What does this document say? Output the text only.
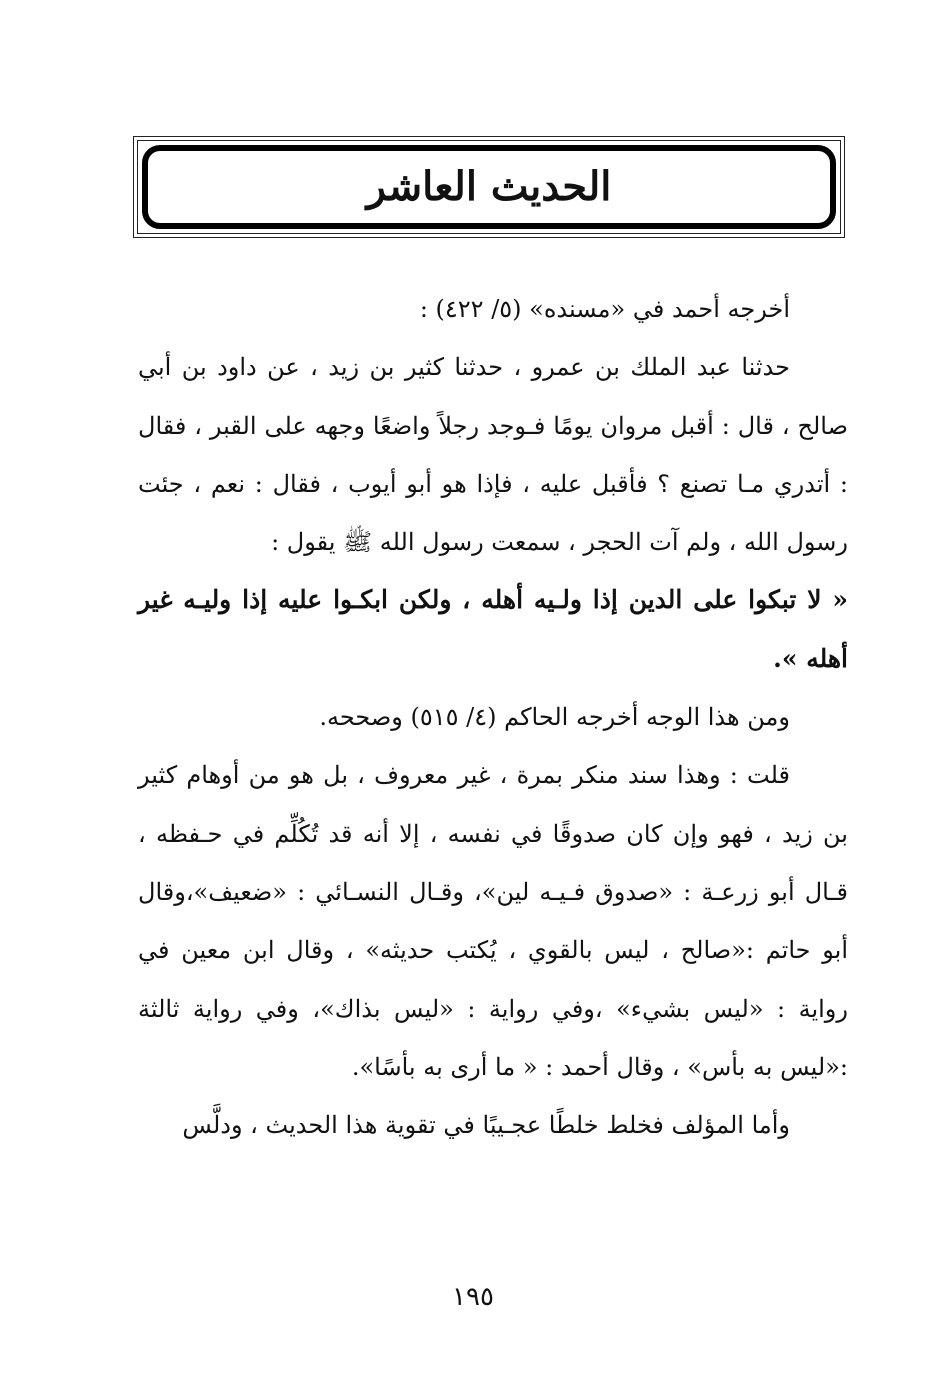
الحديث العاشر

أخرجه أحمد في «مسنده» (٥/ ٤٢٢) :

حدثنا عبد الملك بن عمرو ، حدثنا كثير بن زيد ، عن داود بن أبي صالح ، قال : أقبل مروان يومًا فـوجد رجلاً واضعًا وجهه على القبر ، فقال : أتدري مـا تصنع ؟ فأقبل عليه ، فإذا هو أبو أيوب ، فقال : نعم ، جئت رسول الله ، ولم آت الحجر ، سمعت رسول الله ﷺ يقول :

« لا تبكوا على الدين إذا ولـيه أهله ، ولكن ابكـوا عليه إذا وليـه غير أهله ».

ومن هذا الوجه أخرجه الحاكم (٤/ ٥١٥) وصححه.

قلت : وهذا سند منكر بمرة ، غير معروف ، بل هو من أوهام كثير بن زيد ، فهو وإن كان صدوقًا في نفسه ، إلا أنه قد تُكُلِّم في حـفظه ، قـال أبو زرعـة : «صدوق فـيـه لين»، وقـال النسـائي : «ضعيف»،وقال أبو حاتم :«صالح ، ليس بالقوي ، يُكتب حديثه» ، وقال ابن معين في رواية : «ليس بشيء» ،وفي رواية : «ليس بذاك»، وفي رواية ثالثة :«ليس به بأس» ، وقال أحمد : « ما أرى به بأسًا».

وأما المؤلف فخلط خلطًا عجـيبًا في تقوية هذا الحديث ، ودلَّس

١٩٥
